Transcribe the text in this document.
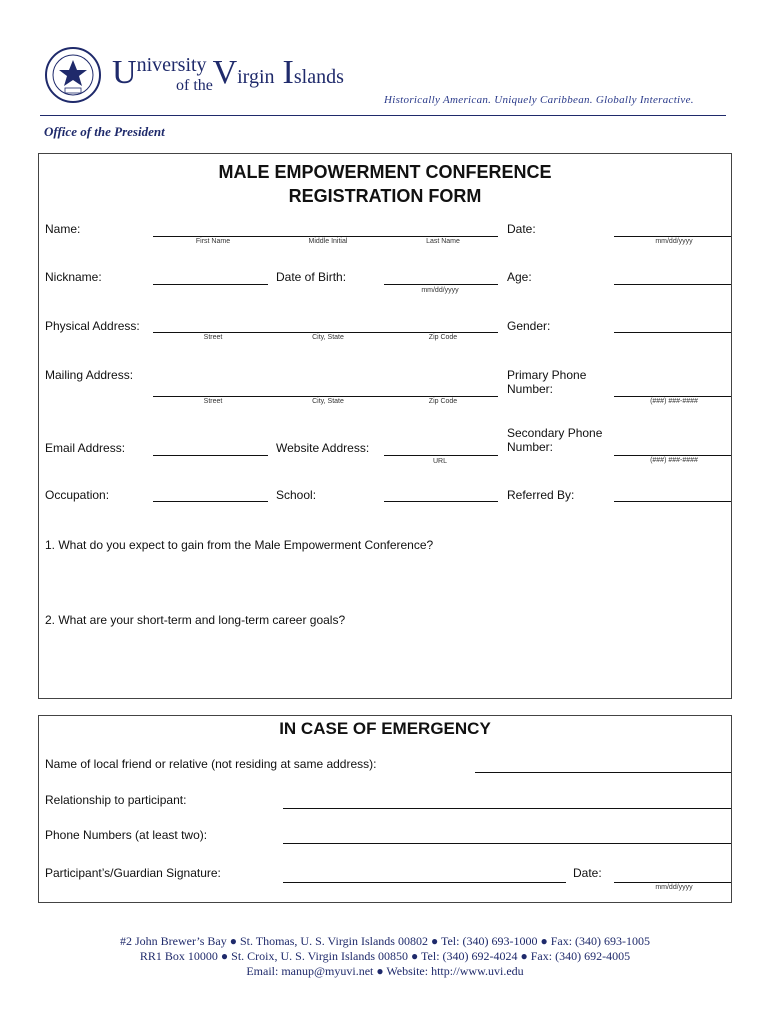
University Virgin Islands
of the
Historically American. Uniquely Caribbean. Globally Interactive.
Office of the President
MALE EMPOWERMENT CONFERENCE
REGISTRATION FORM
Name:
First Name	Middle Initial	Last Name
Date:
mm/dd/yyyy
Nickname:	Date of Birth:
mm/dd/yyyy
Age:
Physical Address:
Street	City, State	Zip Code
Gender:
Mailing Address:
Street	City, State	Zip Code
Primary Phone
Number:
(###) ###-####
Email Address:	Website Address:
URL
Secondary Phone
Number:
(###) ###-####
Occupation:	School:	Referred By:
1. What do you expect to gain from the Male Empowerment Conference?
2. What are your short-term and long-term career goals?
IN CASE OF EMERGENCY
Name of local friend or relative (not residing at same address):
Relationship to participant:
Phone Numbers (at least two):
Participant’s/Guardian Signature:	Date:
mm/dd/yyyy
#2 John Brewer’s Bay ● St. Thomas, U. S. Virgin Islands 00802 ● Tel: (340) 693-1000 ● Fax: (340) 693-1005
RR1 Box 10000 ● St. Croix, U. S. Virgin Islands 00850 ● Tel: (340) 692-4024 ● Fax: (340) 692-4005
Email: manup@myuvi.net ● Website: http://www.uvi.edu
